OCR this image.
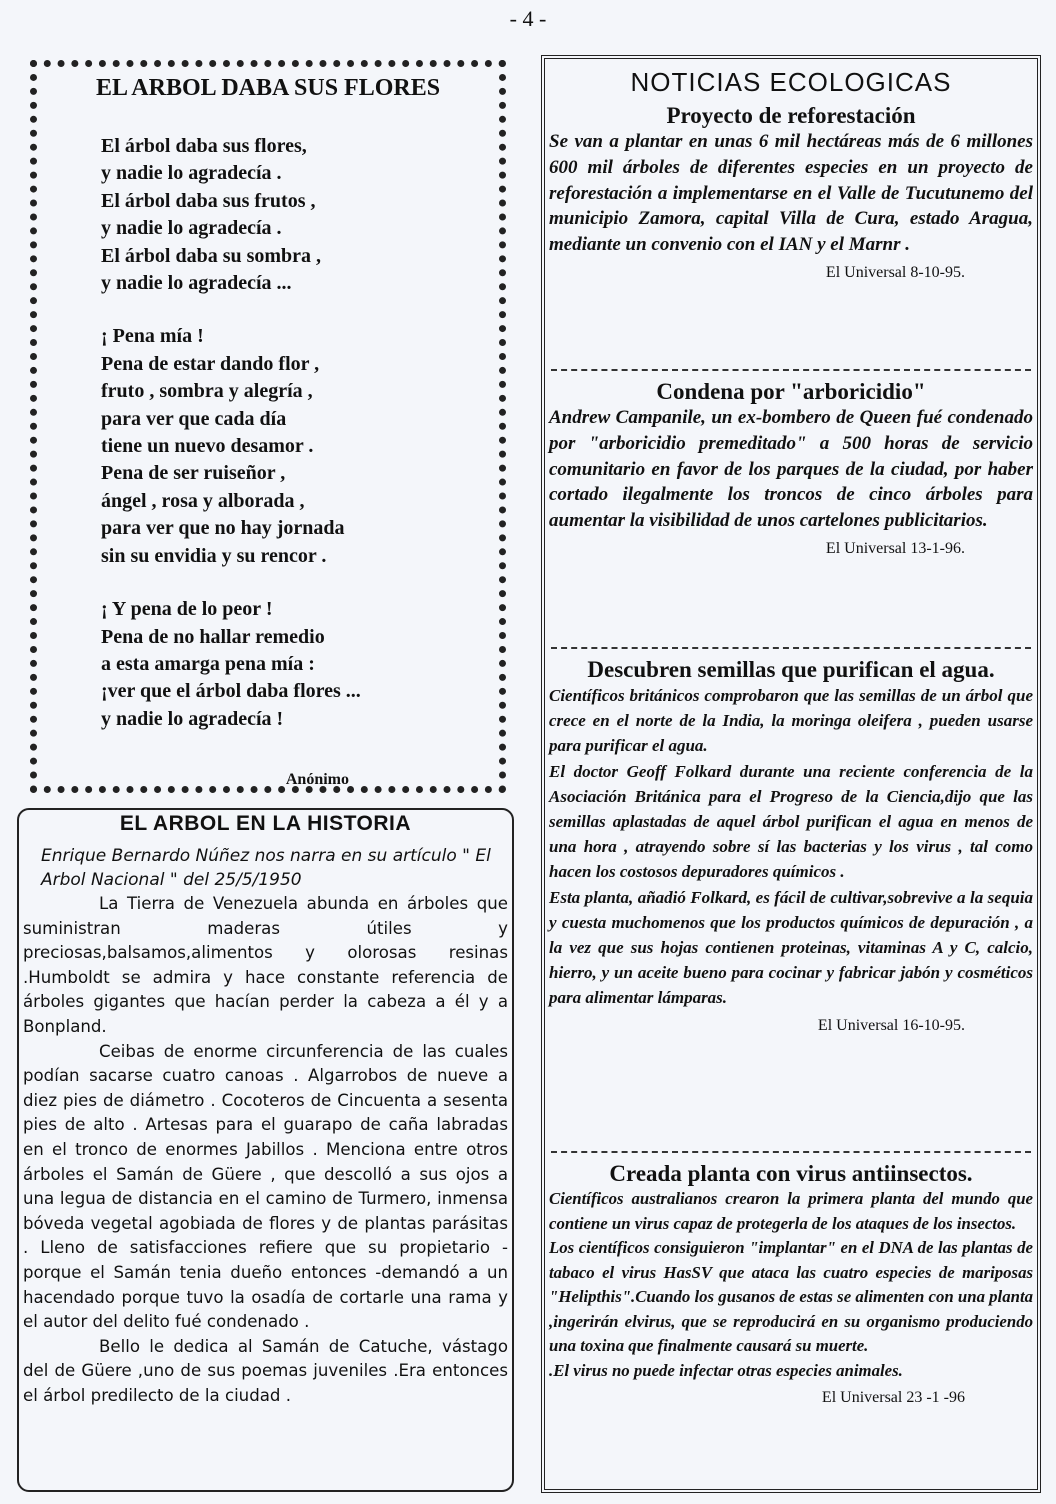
- 4 -
EL ARBOL DABA SUS FLORES
El árbol daba sus flores,
y nadie lo agradecía .
El árbol daba sus frutos ,
y nadie lo agradecía .
El árbol daba su sombra ,
y nadie lo agradecía ...
¡ Pena mía !
Pena de estar dando flor ,
fruto , sombra y alegría ,
para ver que cada día
tiene un nuevo desamor .
Pena de ser ruiseñor ,
ángel , rosa y alborada ,
para ver que no hay jornada
sin su envidia y su rencor .
¡ Y pena de lo peor !
Pena de no hallar remedio
a esta amarga pena mía :
¡ver que el árbol daba flores ...
y nadie lo agradecía !
Anónimo
EL ARBOL EN LA HISTORIA
Enrique Bernardo Núñez nos narra en su artículo " El Arbol Nacional " del 25/5/1950

La Tierra de Venezuela abunda en árboles que suministran maderas útiles y preciosas,balsamos,alimentos y olorosas resinas .Humboldt se admira y hace constante referencia de árboles gigantes que hacían perder la cabeza a él y a Bonpland.

Ceibas de enorme circunferencia de las cuales podían sacarse cuatro canoas . Algarrobos de nueve a diez pies de diámetro . Cocoteros de Cincuenta a sesenta pies de alto . Artesas para el guarapo de caña labradas en el tronco de enormes Jabillos . Menciona entre otros árboles el Samán de Güere , que descolló a sus ojos a una legua de distancia en el camino de Turmero, inmensa bóveda vegetal agobiada de flores y de plantas parásitas . Lleno de satisfacciones refiere que su propietario - porque el Samán tenia dueño entonces -demandó a un hacendado porque tuvo la osadía de cortarle una rama y el autor del delito fué condenado .

Bello le dedica al Samán de Catuche, vástago del de Güere ,uno de sus poemas juveniles .Era entonces el árbol predilecto de la ciudad .

NOTICIAS ECOLOGICAS
Proyecto de reforestación
Se van a plantar en unas 6 mil hectáreas más de 6 millones 600 mil árboles de diferentes especies en un proyecto de reforestación a implementarse en el Valle de Tucutunemo del municipio Zamora, capital Villa de Cura, estado Aragua, mediante un convenio con el IAN y el Marnr .
El Universal 8-10-95.
Condena por "arboricidio"
Andrew Campanile, un ex-bombero de Queen fué condenado por "arboricidio premeditado" a 500 horas de servicio comunitario en favor de los parques de la ciudad, por haber cortado ilegalmente los troncos de cinco árboles para aumentar la visibilidad de unos cartelones publicitarios.
El Universal 13-1-96.
Descubren semillas que purifican el agua.
Científicos británicos comprobaron que las semillas de un árbol que crece en el norte de la India, la moringa oleifera , pueden usarse para purificar el agua.
El doctor Geoff Folkard durante una reciente conferencia de la Asociación Británica para el Progreso de la Ciencia,dijo que las semillas aplastadas de aquel árbol purifican el agua en menos de una hora , atrayendo sobre sí las bacterias y los virus , tal como hacen los costosos depuradores químicos .
Esta planta, añadió Folkard, es fácil de cultivar,sobrevive a la sequia y cuesta muchomenos que los productos químicos de depuración , a la vez que sus hojas contienen proteinas, vitaminas A y C, calcio, hierro, y un aceite bueno para cocinar y fabricar jabón y cosméticos para alimentar lámparas.
El Universal 16-10-95.
Creada planta con virus antiinsectos.
Científicos australianos crearon la primera planta del mundo que contiene un virus capaz de protegerla de los ataques de los insectos.
Los científicos consiguieron "implantar" en el DNA de las plantas de tabaco el virus HasSV que ataca las cuatro especies de mariposas "Helipthis".Cuando los gusanos de estas se alimenten con una planta ,ingerirán elvirus, que se reproducirá en su organismo produciendo una toxina que finalmente causará su muerte.
.El virus no puede infectar otras especies animales.
El Universal 23 -1 -96
